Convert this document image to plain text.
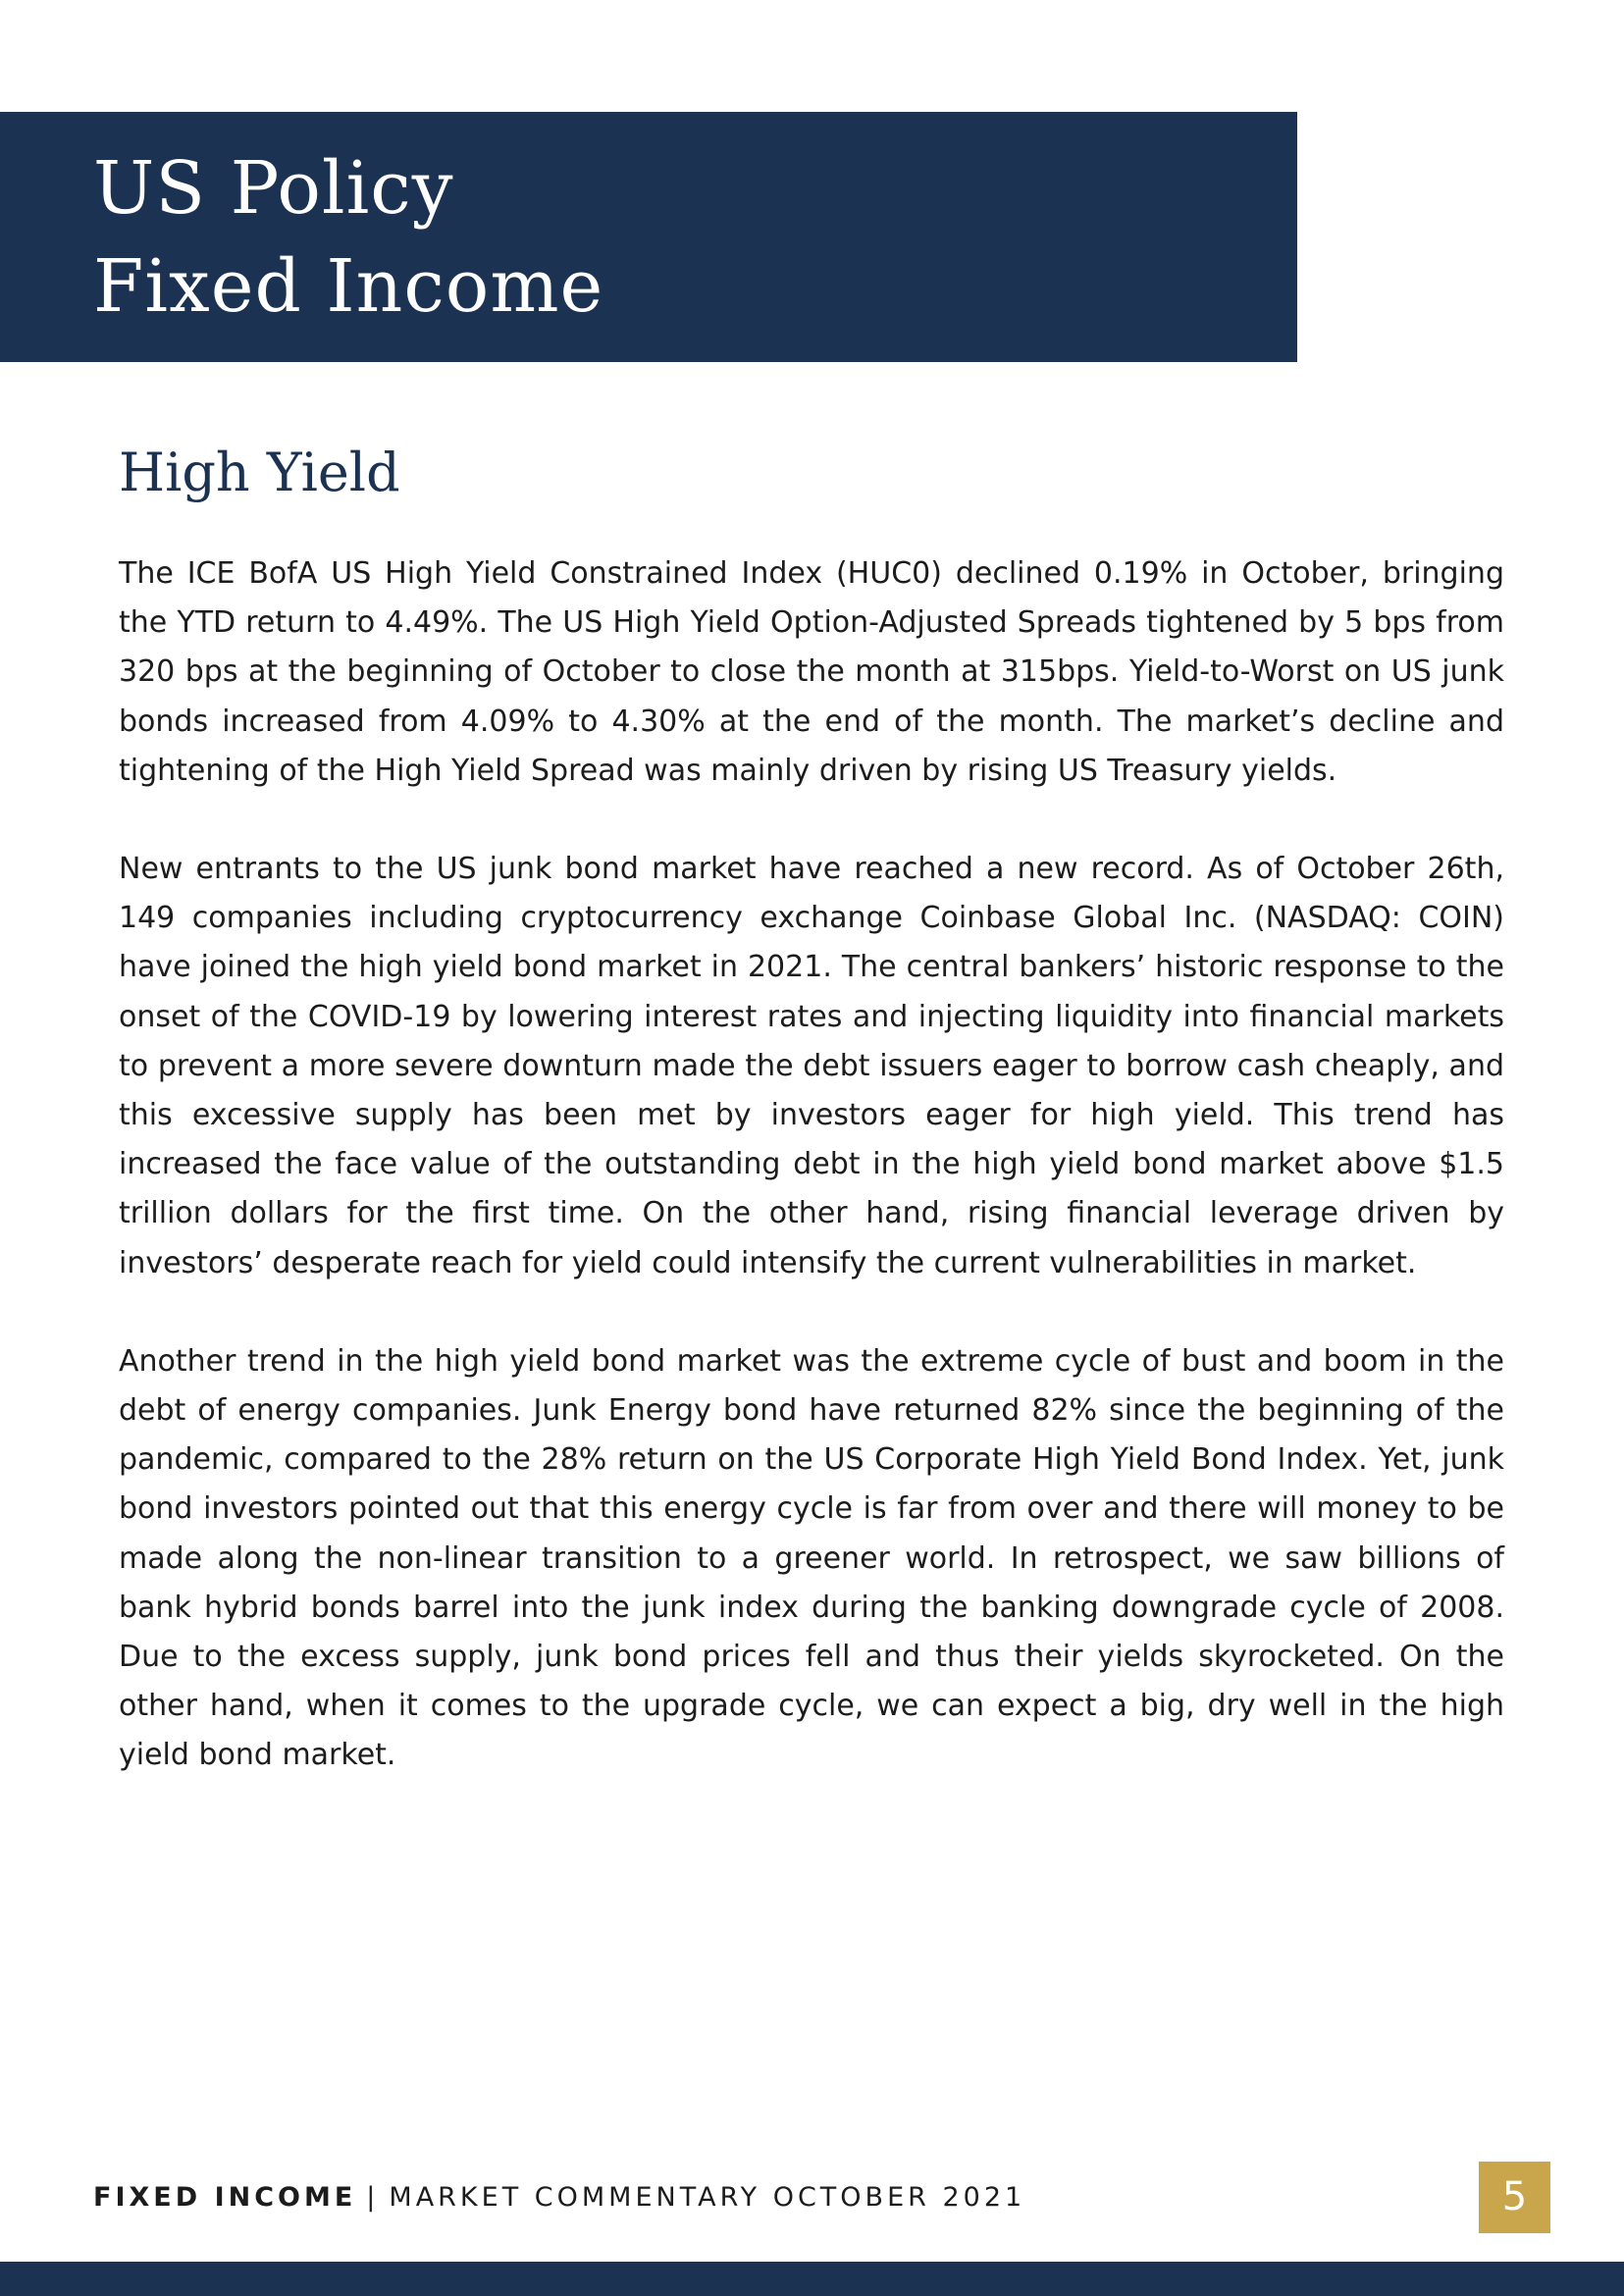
US Policy
Fixed Income
High Yield

The ICE BofA US High Yield Constrained Index (HUC0) declined 0.19% in October, bringing the YTD return to 4.49%. The US High Yield Option-Adjusted Spreads tightened by 5 bps from 320 bps at the beginning of October to close the month at 315bps. Yield-to-Worst on US junk bonds increased from 4.09% to 4.30% at the end of the month. The market’s decline and tightening of the High Yield Spread was mainly driven by rising US Treasury yields.

New entrants to the US junk bond market have reached a new record. As of October 26th, 149 companies including cryptocurrency exchange Coinbase Global Inc. (NASDAQ: COIN) have joined the high yield bond market in 2021. The central bankers’ historic response to the onset of the COVID-19 by lowering interest rates and injecting liquidity into financial markets to prevent a more severe downturn made the debt issuers eager to borrow cash cheaply, and this excessive supply has been met by investors eager for high yield. This trend has increased the face value of the outstanding debt in the high yield bond market above $1.5 trillion dollars for the first time. On the other hand, rising financial leverage driven by investors’ desperate reach for yield could intensify the current vulnerabilities in market.

Another trend in the high yield bond market was the extreme cycle of bust and boom in the debt of energy companies. Junk Energy bond have returned 82% since the beginning of the pandemic, compared to the 28% return on the US Corporate High Yield Bond Index. Yet, junk bond investors pointed out that this energy cycle is far from over and there will money to be made along the non-linear transition to a greener world. In retrospect, we saw billions of bank hybrid bonds barrel into the junk index during the banking downgrade cycle of 2008. Due to the excess supply, junk bond prices fell and thus their yields skyrocketed. On the other hand, when it comes to the upgrade cycle, we can expect a big, dry well in the high yield bond market.

FIXED INCOME | MARKET COMMENTARY OCTOBER 2021	5
